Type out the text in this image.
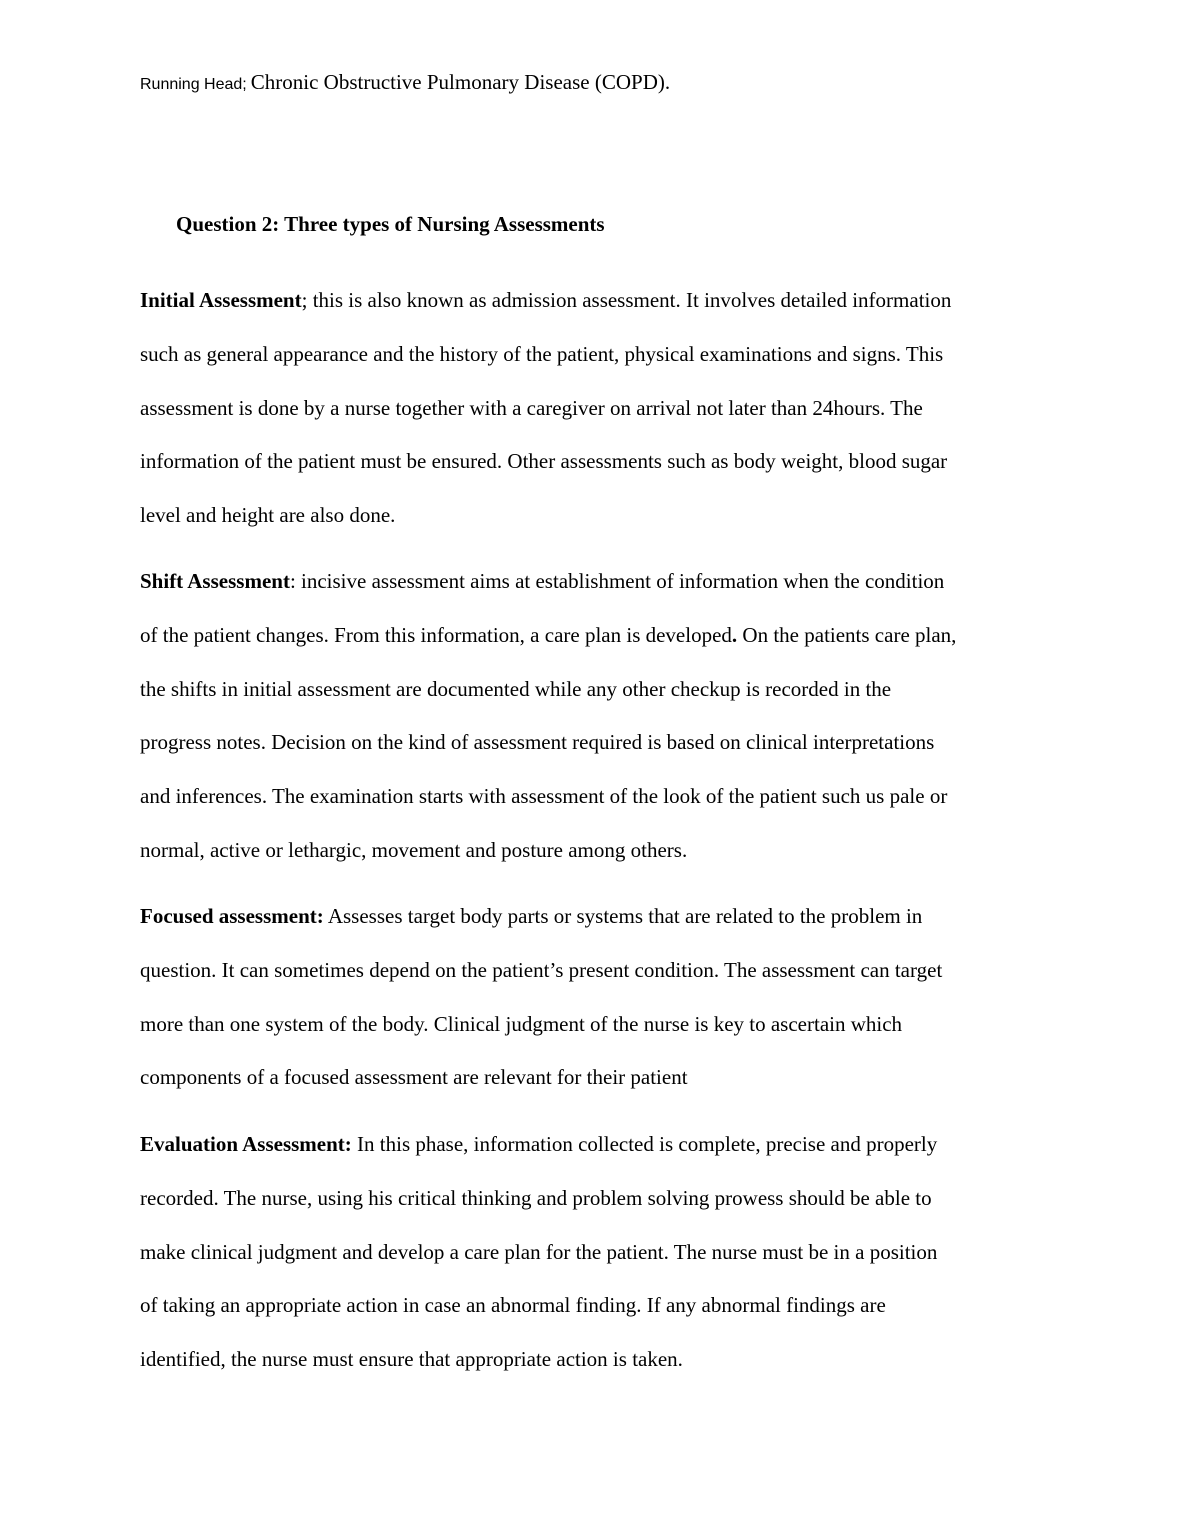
Running Head; Chronic Obstructive Pulmonary Disease (COPD).
Question 2: Three types of Nursing Assessments
Initial Assessment; this is also known as admission assessment. It involves detailed information
such as general appearance and the history of the patient, physical examinations and signs. This
assessment is done by a nurse together with a caregiver on arrival not later than 24hours. The
information of the patient must be ensured. Other assessments such as body weight, blood sugar
level and height are also done.
Shift Assessment: incisive assessment aims at establishment of information when the condition
of the patient changes. From this information, a care plan is developed. On the patients care plan,
the shifts in initial assessment are documented while any other checkup is recorded in the
progress notes. Decision on the kind of assessment required is based on clinical interpretations
and inferences. The examination starts with assessment of the look of the patient such us pale or
normal, active or lethargic, movement and posture among others.
Focused assessment: Assesses target body parts or systems that are related to the problem in
question. It can sometimes depend on the patient’s present condition. The assessment can target
more than one system of the body. Clinical judgment of the nurse is key to ascertain which
components of a focused assessment are relevant for their patient
Evaluation Assessment: In this phase, information collected is complete, precise and properly
recorded. The nurse, using his critical thinking and problem solving prowess should be able to
make clinical judgment and develop a care plan for the patient. The nurse must be in a position
of taking an appropriate action in case an abnormal finding. If any abnormal findings are
identified, the nurse must ensure that appropriate action is taken.
